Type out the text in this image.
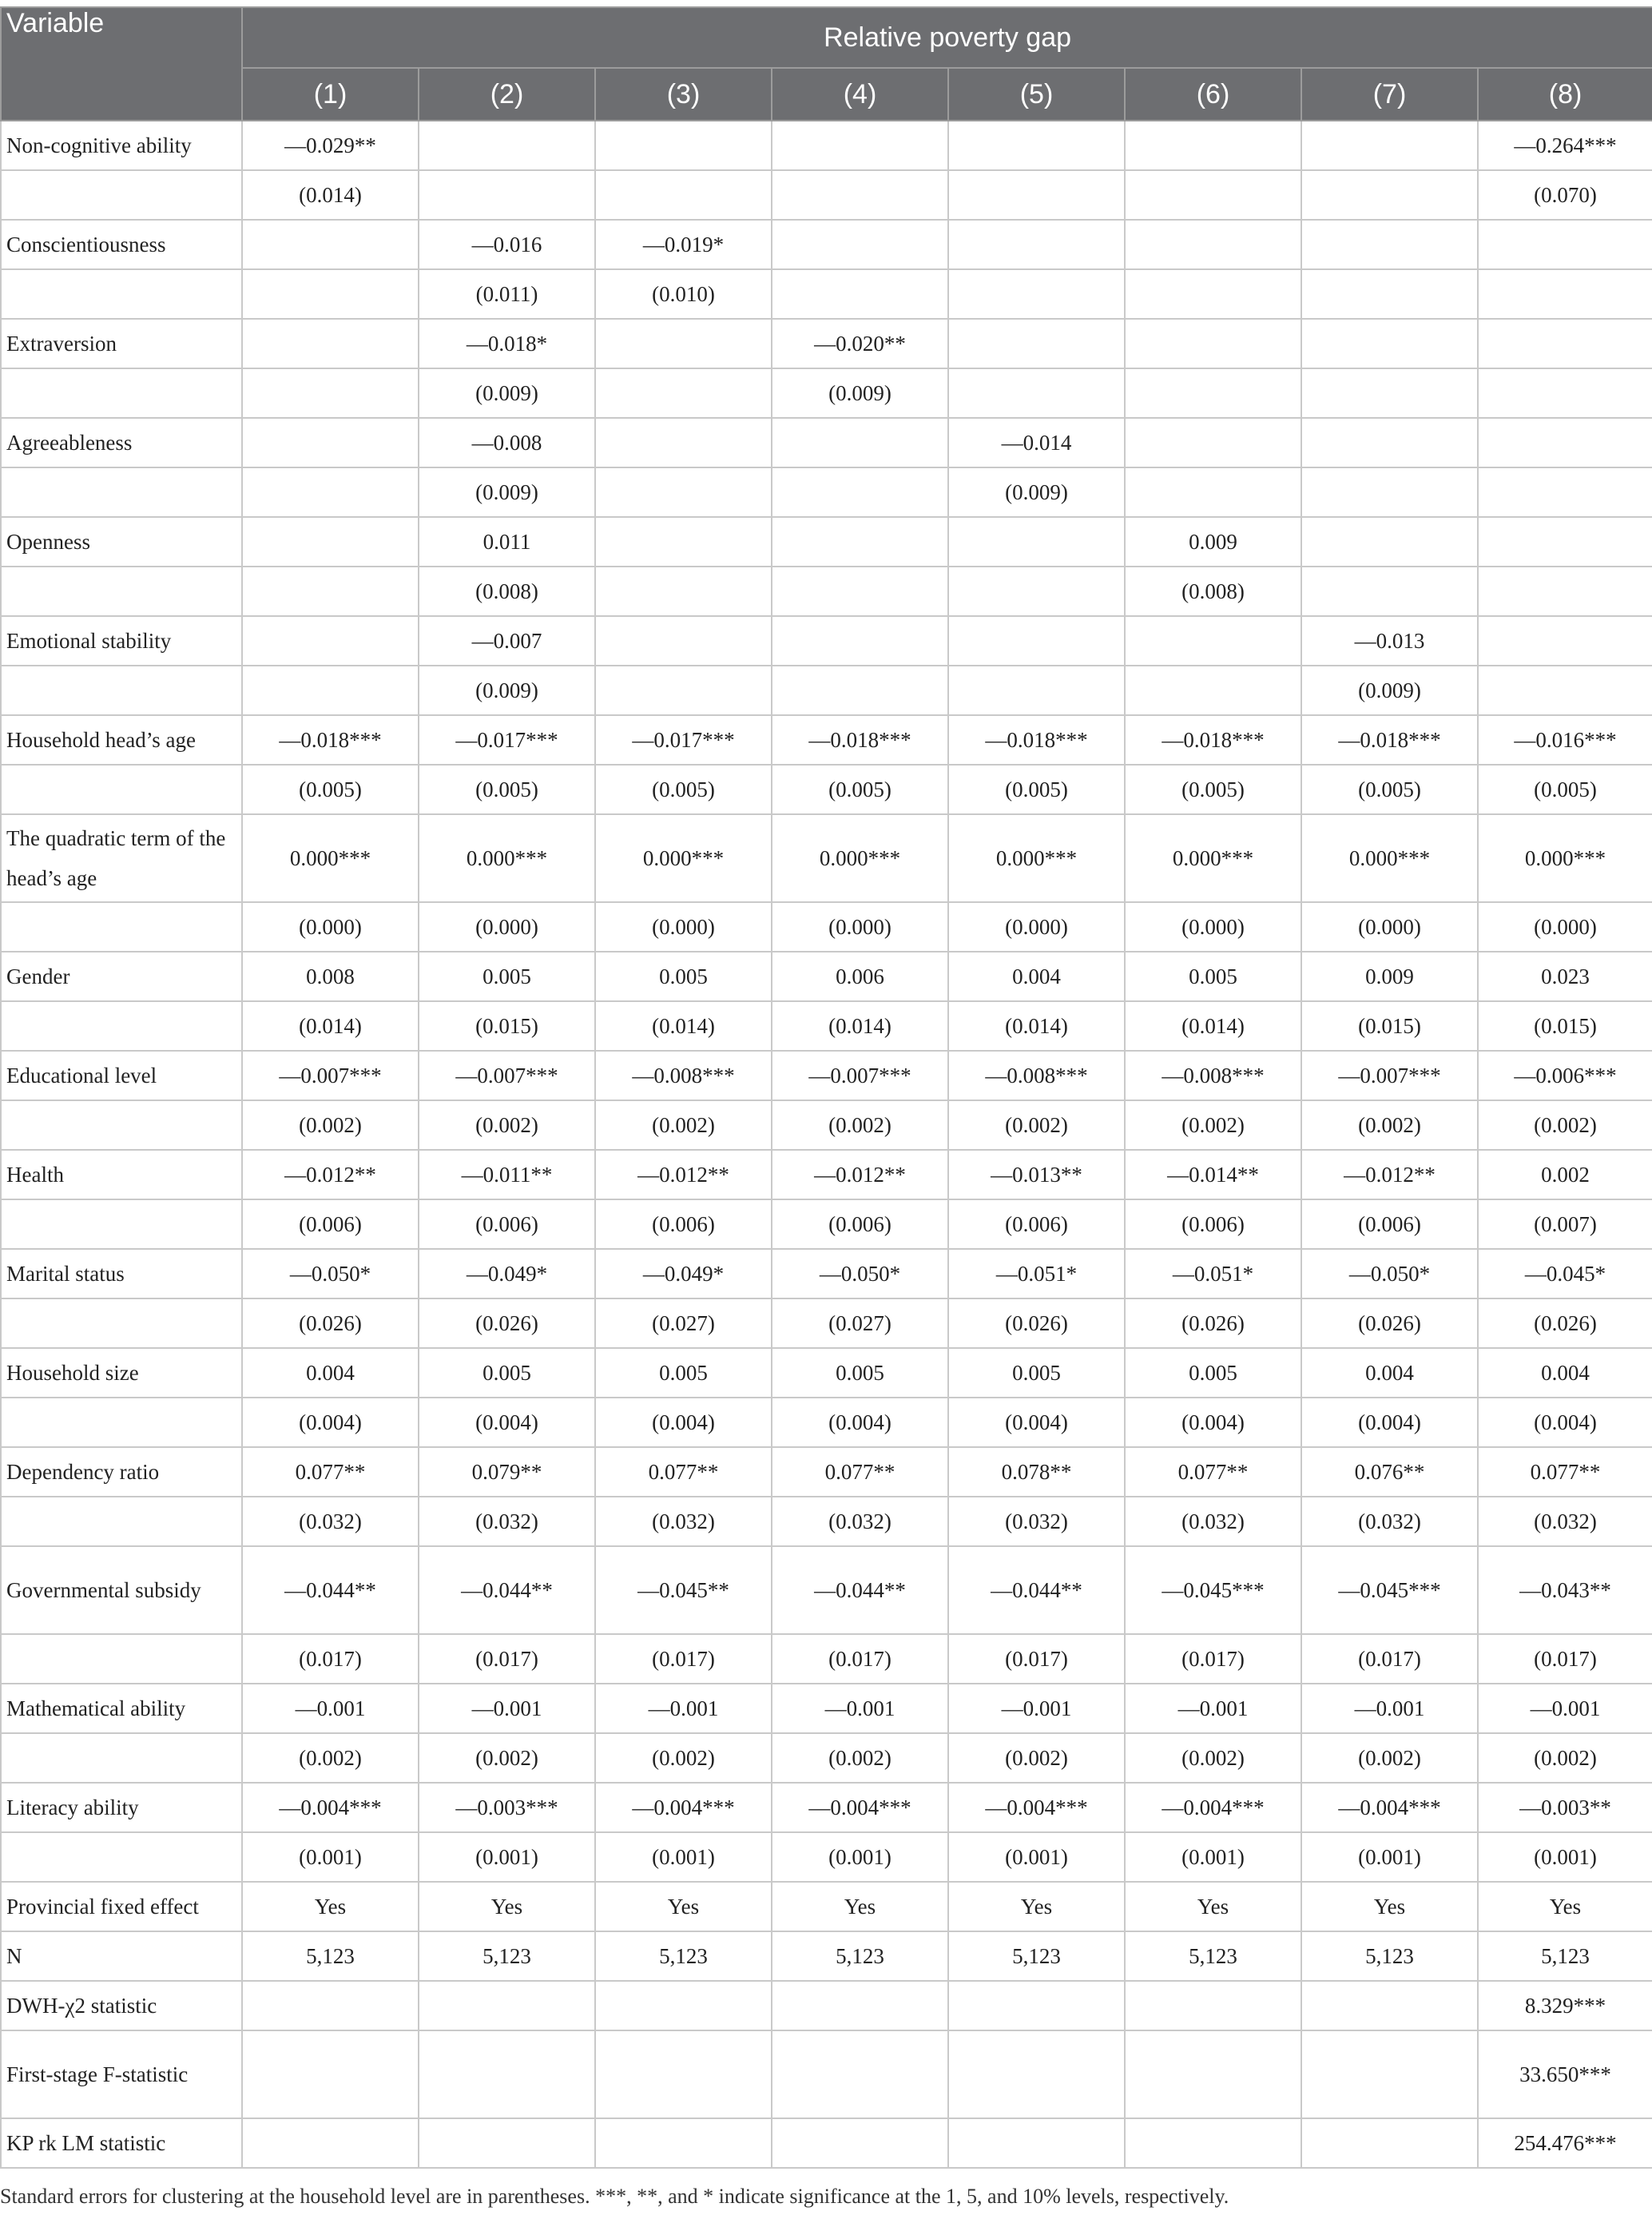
Variable	Relative poverty gap							
	(1)	(2)	(3)	(4)	(5)	(6)	(7)	(8)
Non-cognitive ability	—0.029**							—0.264***
	(0.014)							(0.070)
Conscientiousness		—0.016	—0.019*					
		(0.011)	(0.010)					
Extraversion		—0.018*		—0.020**				
		(0.009)		(0.009)				
Agreeableness		—0.008			—0.014			
		(0.009)			(0.009)			
Openness		0.011				0.009		
		(0.008)				(0.008)		
Emotional stability		—0.007					—0.013	
		(0.009)					(0.009)	
Household head’s age	—0.018***	—0.017***	—0.017***	—0.018***	—0.018***	—0.018***	—0.018***	—0.016***
	(0.005)	(0.005)	(0.005)	(0.005)	(0.005)	(0.005)	(0.005)	(0.005)
The quadratic term of the head’s age	0.000***	0.000***	0.000***	0.000***	0.000***	0.000***	0.000***	0.000***
	(0.000)	(0.000)	(0.000)	(0.000)	(0.000)	(0.000)	(0.000)	(0.000)
Gender	0.008	0.005	0.005	0.006	0.004	0.005	0.009	0.023
	(0.014)	(0.015)	(0.014)	(0.014)	(0.014)	(0.014)	(0.015)	(0.015)
Educational level	—0.007***	—0.007***	—0.008***	—0.007***	—0.008***	—0.008***	—0.007***	—0.006***
	(0.002)	(0.002)	(0.002)	(0.002)	(0.002)	(0.002)	(0.002)	(0.002)
Health	—0.012**	—0.011**	—0.012**	—0.012**	—0.013**	—0.014**	—0.012**	0.002
	(0.006)	(0.006)	(0.006)	(0.006)	(0.006)	(0.006)	(0.006)	(0.007)
Marital status	—0.050*	—0.049*	—0.049*	—0.050*	—0.051*	—0.051*	—0.050*	—0.045*
	(0.026)	(0.026)	(0.027)	(0.027)	(0.026)	(0.026)	(0.026)	(0.026)
Household size	0.004	0.005	0.005	0.005	0.005	0.005	0.004	0.004
	(0.004)	(0.004)	(0.004)	(0.004)	(0.004)	(0.004)	(0.004)	(0.004)
Dependency ratio	0.077**	0.079**	0.077**	0.077**	0.078**	0.077**	0.076**	0.077**
	(0.032)	(0.032)	(0.032)	(0.032)	(0.032)	(0.032)	(0.032)	(0.032)
Governmental subsidy	—0.044**	—0.044**	—0.045**	—0.044**	—0.044**	—0.045***	—0.045***	—0.043**
	(0.017)	(0.017)	(0.017)	(0.017)	(0.017)	(0.017)	(0.017)	(0.017)
Mathematical ability	—0.001	—0.001	—0.001	—0.001	—0.001	—0.001	—0.001	—0.001
	(0.002)	(0.002)	(0.002)	(0.002)	(0.002)	(0.002)	(0.002)	(0.002)
Literacy ability	—0.004***	—0.003***	—0.004***	—0.004***	—0.004***	—0.004***	—0.004***	—0.003**
	(0.001)	(0.001)	(0.001)	(0.001)	(0.001)	(0.001)	(0.001)	(0.001)
Provincial fixed effect	Yes	Yes	Yes	Yes	Yes	Yes	Yes	Yes
N	5,123	5,123	5,123	5,123	5,123	5,123	5,123	5,123
DWH-χ2 statistic								8.329***
First-stage F-statistic								33.650***
KP rk LM statistic								254.476***
Standard errors for clustering at the household level are in parentheses. ***, **, and * indicate significance at the 1, 5, and 10% levels, respectively.
